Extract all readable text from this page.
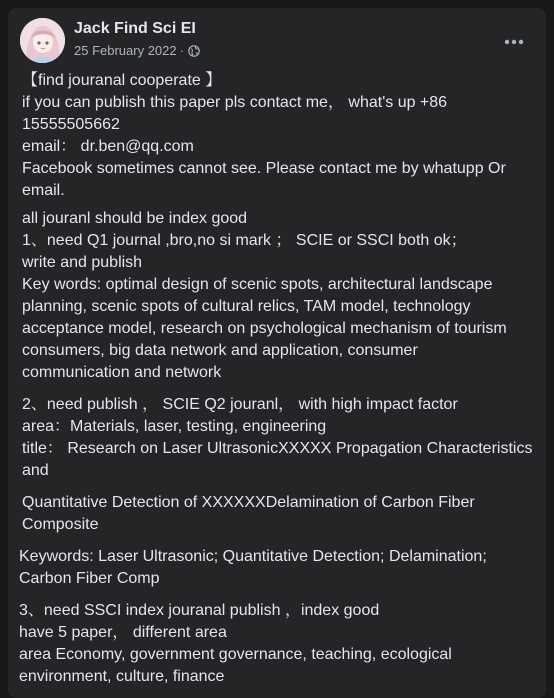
Jack Find Sci EI
25 February 2022 ·
【find jouranal cooperate 】
if you can publish this paper pls contact me， what's up +86
15555505662
email： dr.ben@qq.com
Facebook sometimes cannot see. Please contact me by whatupp Or
email.
all jouranl should be index good
1、need Q1 journal ,bro,no si mark ； SCIE or SSCI both ok；
write and publish
Key words: optimal design of scenic spots, architectural landscape
planning, scenic spots of cultural relics, TAM model, technology
acceptance model, research on psychological mechanism of tourism
consumers, big data network and application, consumer
communication and network
2、need publish ， SCIE Q2 jouranl， with high impact factor
area：Materials, laser, testing, engineering
title： Research on Laser UltrasonicXXXXX Propagation Characteristics
and
Quantitative Detection of XXXXXXDelamination of Carbon Fiber
Composite
Keywords: Laser Ultrasonic; Quantitative Detection; Delamination;
Carbon Fiber Comp
3、need SSCI index jouranal publish ，index good
have 5 paper， different area
area Economy, government governance, teaching, ecological
environment, culture, finance
